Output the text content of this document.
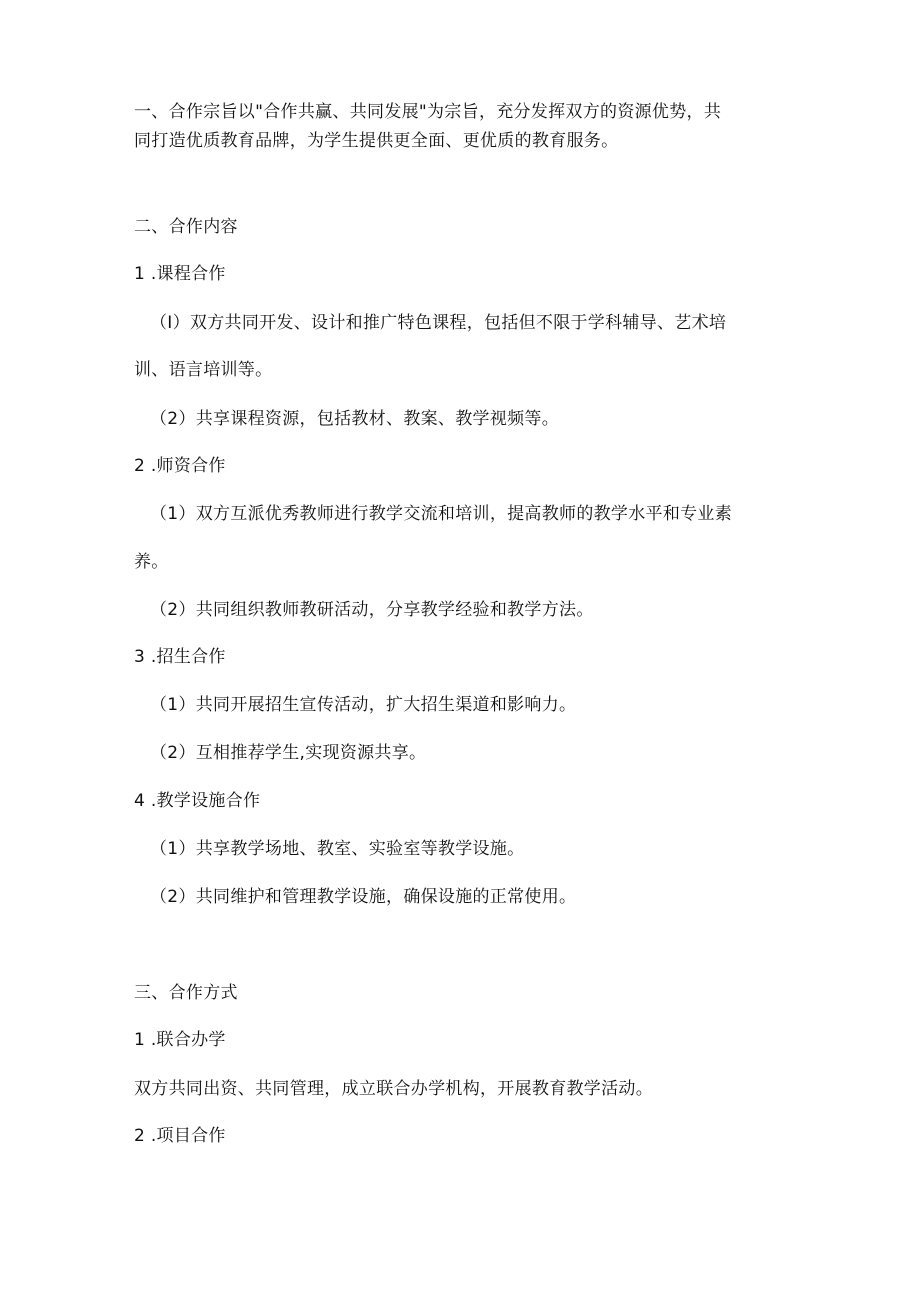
一、合作宗旨以"合作共赢、共同发展"为宗旨，充分发挥双方的资源优势，共
同打造优质教育品牌，为学生提供更全面、更优质的教育服务。
二、合作内容
1 .课程合作
（I）双方共同开发、设计和推广特色课程，包括但不限于学科辅导、艺术培
训、语言培训等。
（2）共享课程资源，包括教材、教案、教学视频等。
2 .师资合作
（1）双方互派优秀教师进行教学交流和培训，提高教师的教学水平和专业素
养。
（2）共同组织教师教研活动，分享教学经验和教学方法。
3 .招生合作
（1）共同开展招生宣传活动，扩大招生渠道和影响力。
（2）互相推荐学生,实现资源共享。
4 .教学设施合作
（1）共享教学场地、教室、实验室等教学设施。
（2）共同维护和管理教学设施，确保设施的正常使用。
三、合作方式
1 .联合办学
双方共同出资、共同管理，成立联合办学机构，开展教育教学活动。
2 .项目合作
